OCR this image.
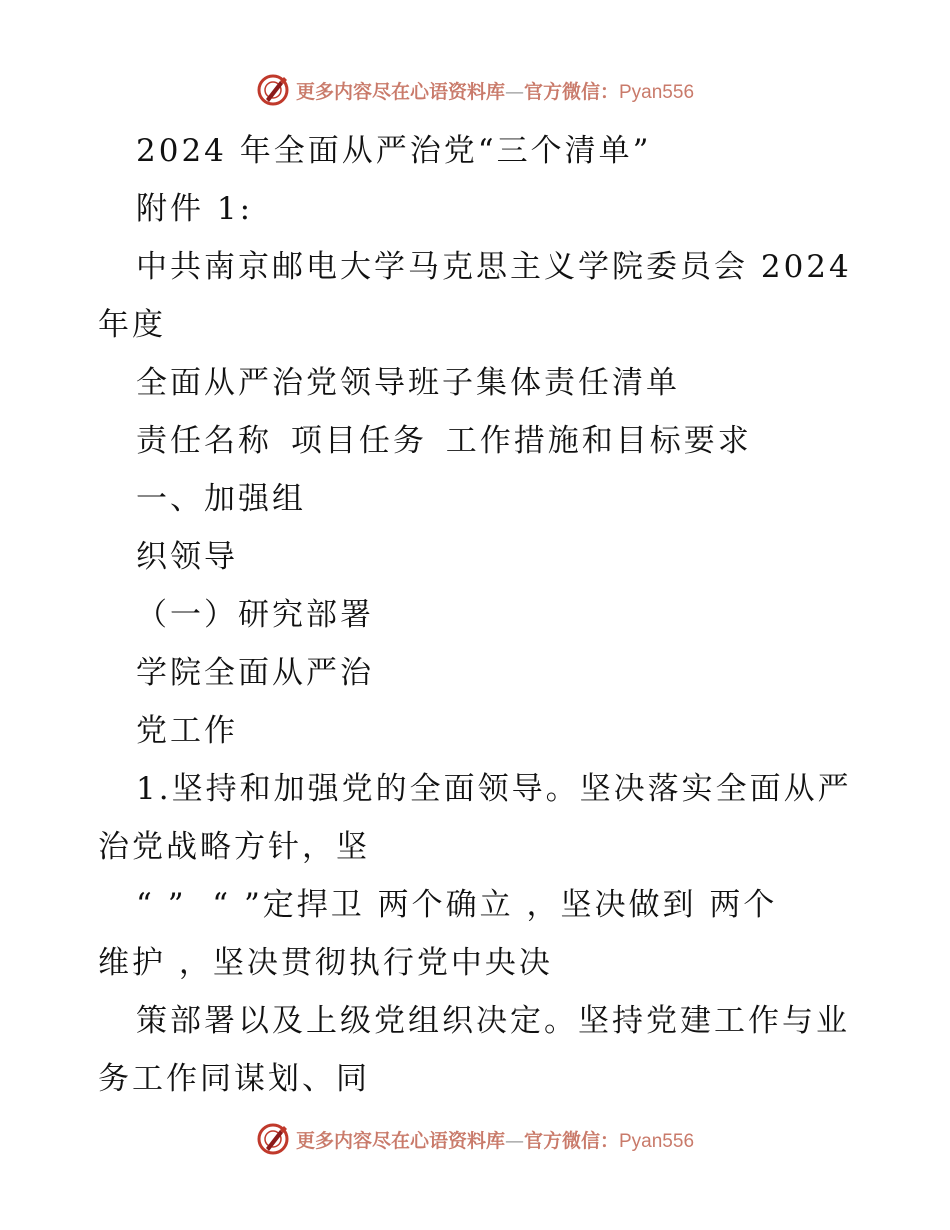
更多内容尽在心语资料库—官方微信：Pyan556

2024 年全面从严治党“三个清单”

附件 1:

中共南京邮电大学马克思主义学院委员会 2024

年度

全面从严治党领导班子集体责任清单

责任名称 项目任务 工作措施和目标要求

一、加强组

织领导

（一）研究部署

学院全面从严治

党工作

1.坚持和加强党的全面领导。坚决落实全面从严

治党战略方针，坚

“ ”  “ ”定捍卫 两个确立 ，坚决做到 两个

维护 ，坚决贯彻执行党中央决

策部署以及上级党组织决定。坚持党建工作与业

务工作同谋划、同

更多内容尽在心语资料库—官方微信：Pyan556
